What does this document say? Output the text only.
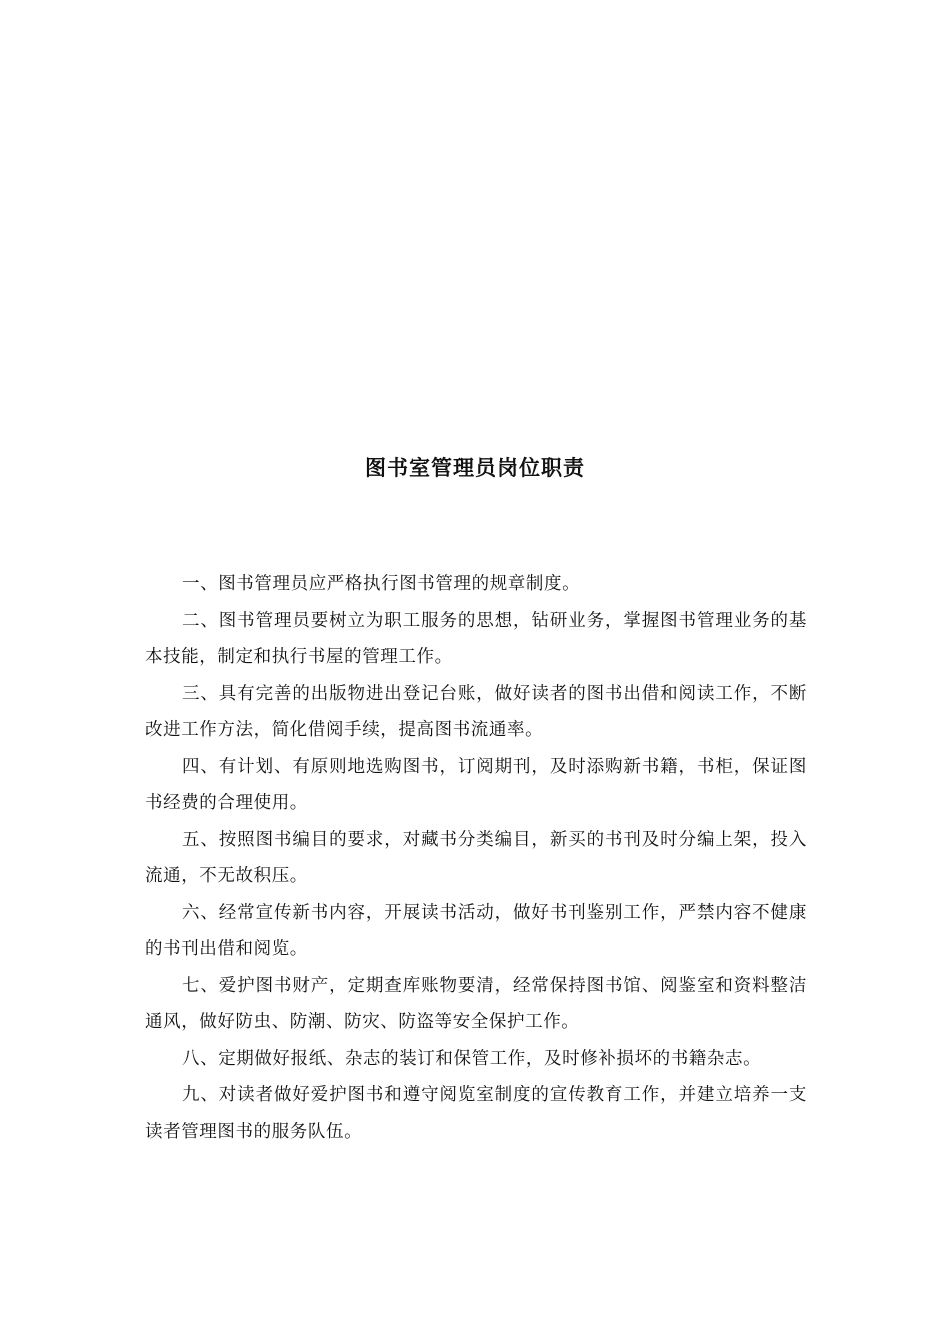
图书室管理员岗位职责

一、图书管理员应严格执行图书管理的规章制度。

二、图书管理员要树立为职工服务的思想，钻研业务，掌握图书管理业务的基本技能，制定和执行书屋的管理工作。

三、具有完善的出版物进出登记台账，做好读者的图书出借和阅读工作，不断改进工作方法，简化借阅手续，提高图书流通率。

四、有计划、有原则地选购图书，订阅期刊，及时添购新书籍，书柜，保证图书经费的合理使用。

五、按照图书编目的要求，对藏书分类编目，新买的书刊及时分编上架，投入流通，不无故积压。

六、经常宣传新书内容，开展读书活动，做好书刊鉴别工作，严禁内容不健康的书刊出借和阅览。

七、爱护图书财产，定期查库账物要清，经常保持图书馆、阅鉴室和资料整洁通风，做好防虫、防潮、防灾、防盗等安全保护工作。

八、定期做好报纸、杂志的装订和保管工作，及时修补损坏的书籍杂志。

九、对读者做好爱护图书和遵守阅览室制度的宣传教育工作，并建立培养一支读者管理图书的服务队伍。
